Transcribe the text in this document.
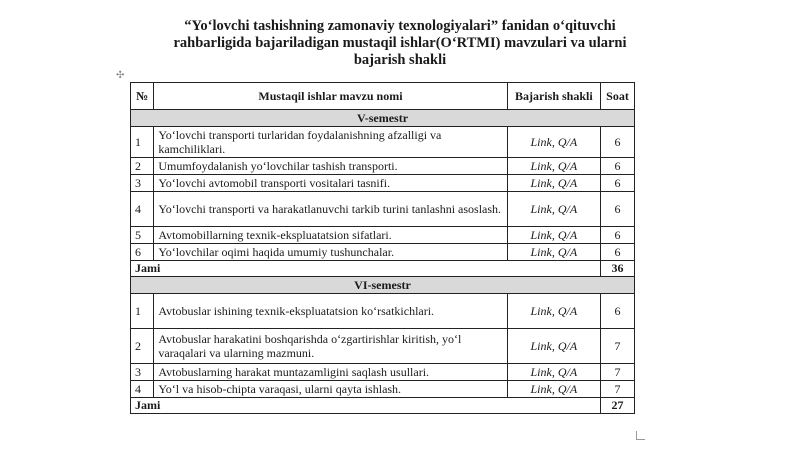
“Yo‘lovchi tashishning zamonaviy texnologiyalari” fanidan o‘qituvchi
rahbarligida bajariladigan mustaqil ishlar(O‘RTMI) mavzulari va ularni
bajarish shakli
✣
№	Mustaqil ishlar mavzu nomi	Bajarish shakli	Soat
V-semestr			
1	Yo‘lovchi transporti turlaridan foydalanishning afzalligi va kamchiliklari.	Link, Q/A	6
2	Umumfoydalanish yo‘lovchilar tashish transporti.	Link, Q/A	6
3	Yo‘lovchi avtomobil transporti vositalari tasnifi.	Link, Q/A	6
4	Yo‘lovchi transporti va harakatlanuvchi tarkib turini tanlashni asoslash.	Link, Q/A	6
5	Avtomobillarning texnik-ekspluatatsion sifatlari.	Link, Q/A	6
6	Yo‘lovchilar oqimi haqida umumiy tushunchalar.	Link, Q/A	6
Jami			36
VI-semestr			
1	Avtobuslar ishining texnik-ekspluatatsion ko‘rsatkichlari.	Link, Q/A	6
2	Avtobuslar harakatini boshqarishda o‘zgartirishlar kiritish, yo‘l varaqalari va ularning mazmuni.	Link, Q/A	7
3	Avtobuslarning harakat muntazamligini saqlash usullari.	Link, Q/A	7
4	Yo‘l va hisob-chipta varaqasi, ularni qayta ishlash.	Link, Q/A	7
Jami			27
